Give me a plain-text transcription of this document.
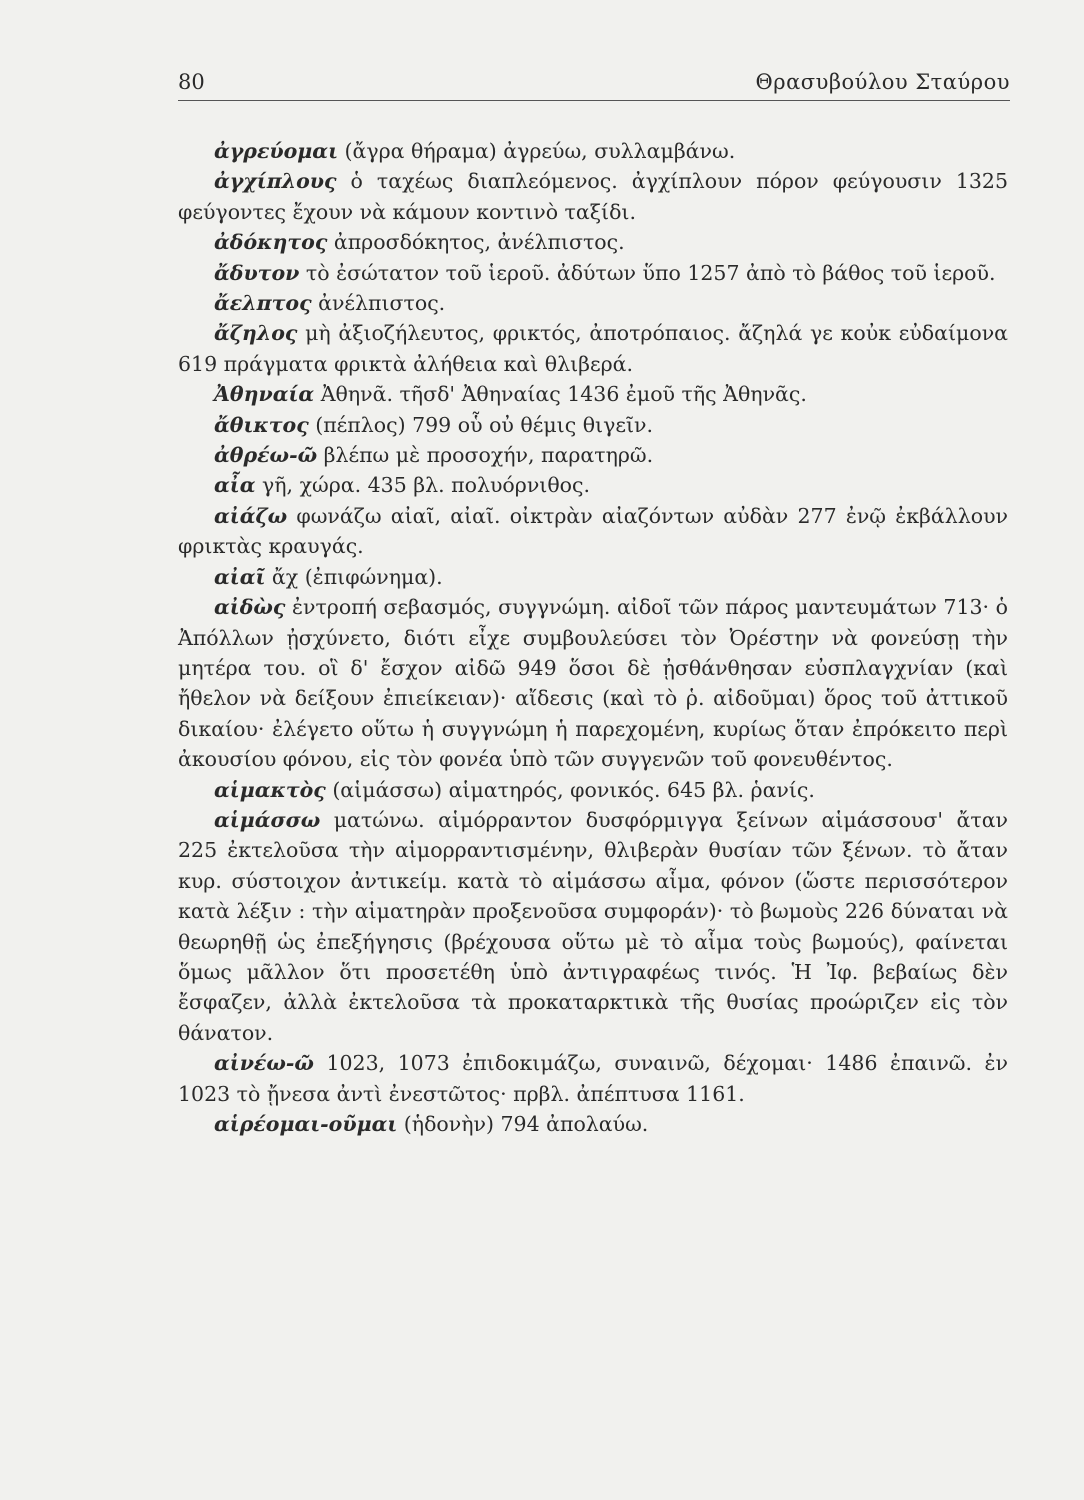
80	Θρασυβούλου Σταύρου

ἀγρεύομαι (ἄγρα θήραμα) ἀγρεύω, συλλαμβάνω.

ἀγχίπλους ὁ ταχέως διαπλεόμενος. ἀγχίπλουν πόρον φεύγουσιν 1325 φεύγοντες ἔχουν νὰ κάμουν κοντινὸ ταξίδι.

ἀδόκητος ἀπροσδόκητος, ἀνέλπιστος.

ἄδυτον τὸ ἐσώτατον τοῦ ἱεροῦ. ἀδύτων ὕπο 1257 ἀπὸ τὸ βάθος τοῦ ἱεροῦ.

ἄελπτος ἀνέλπιστος.

ἄζηλος μὴ ἀξιοζήλευτος, φρικτός, ἀποτρόπαιος. ἄζηλά γε κοὐκ εὐδαίμονα 619 πράγματα φρικτὰ ἀλήθεια καὶ θλιβερά.

Ἀθηναία Ἀθηνᾶ. τῆσδ' Ἀθηναίας 1436 ἐμοῦ τῆς Ἀθηνᾶς.

ἄθικτος (πέπλος) 799 οὗ οὐ θέμις θιγεῖν.

ἀθρέω-ῶ βλέπω μὲ προσοχήν, παρατηρῶ.

αἶα γῆ, χώρα. 435 βλ. πολυόρνιθος.

αἰάζω φωνάζω αἰαῖ, αἰαῖ. οἰκτρὰν αἰαζόντων αὐδὰν 277 ἐνῷ ἐκβάλλουν φρικτὰς κραυγάς.

αἰαῖ ἄχ (ἐπιφώνημα).

αἰδὼς ἐντροπή σεβασμός, συγγνώμη. αἰδοῖ τῶν πάρος μαντευμάτων 713· ὁ Ἀπόλλων ᾐσχύνετο, διότι εἶχε συμβουλεύσει τὸν Ὀρέστην νὰ φονεύσῃ τὴν μητέρα του. οἳ δ' ἔσχον αἰδῶ 949 ὅσοι δὲ ᾐσθάνθησαν εὐσπλαγχνίαν (καὶ ἤθελον νὰ δείξουν ἐπιείκειαν)· αἴδεσις (καὶ τὸ ῥ. αἰδοῦμαι) ὅρος τοῦ ἀττικοῦ δικαίου· ἐλέγετο οὕτω ἡ συγγνώμη ἡ παρεχομένη, κυρίως ὅταν ἐπρόκειτο περὶ ἀκουσίου φόνου, εἰς τὸν φονέα ὑπὸ τῶν συγγενῶν τοῦ φονευθέντος.

αἱμακτὸς (αἱμάσσω) αἱματηρός, φονικός. 645 βλ. ῥανίς.

αἱμάσσω ματώνω. αἱμόρραντον δυσφόρμιγγα ξείνων αἱμάσσουσ' ἄταν 225 ἐκτελοῦσα τὴν αἱμορραντισμένην, θλιβερὰν θυσίαν τῶν ξένων. τὸ ἄταν κυρ. σύστοιχον ἀντικείμ. κατὰ τὸ αἱμάσσω αἷμα, φόνον (ὥστε περισσότερον κατὰ λέξιν : τὴν αἱματηρὰν προξενοῦσα συμφοράν)· τὸ βωμοὺς 226 δύναται νὰ θεωρηθῇ ὡς ἐπεξήγησις (βρέχουσα οὕτω μὲ τὸ αἷμα τοὺς βωμούς), φαίνεται ὅμως μᾶλλον ὅτι προσετέθη ὑπὸ ἀντιγραφέως τινός. Ἡ Ἰφ. βεβαίως δὲν ἔσφαζεν, ἀλλὰ ἐκτελοῦσα τὰ προκαταρκτικὰ τῆς θυσίας προώριζεν εἰς τὸν θάνατον.

αἰνέω-ῶ 1023, 1073 ἐπιδοκιμάζω, συναινῶ, δέχομαι· 1486 ἐπαινῶ. ἐν 1023 τὸ ᾔνεσα ἀντὶ ἐνεστῶτος· πρβλ. ἀπέπτυσα 1161.

αἱρέομαι-οῦμαι (ἡδονὴν) 794 ἀπολαύω.
